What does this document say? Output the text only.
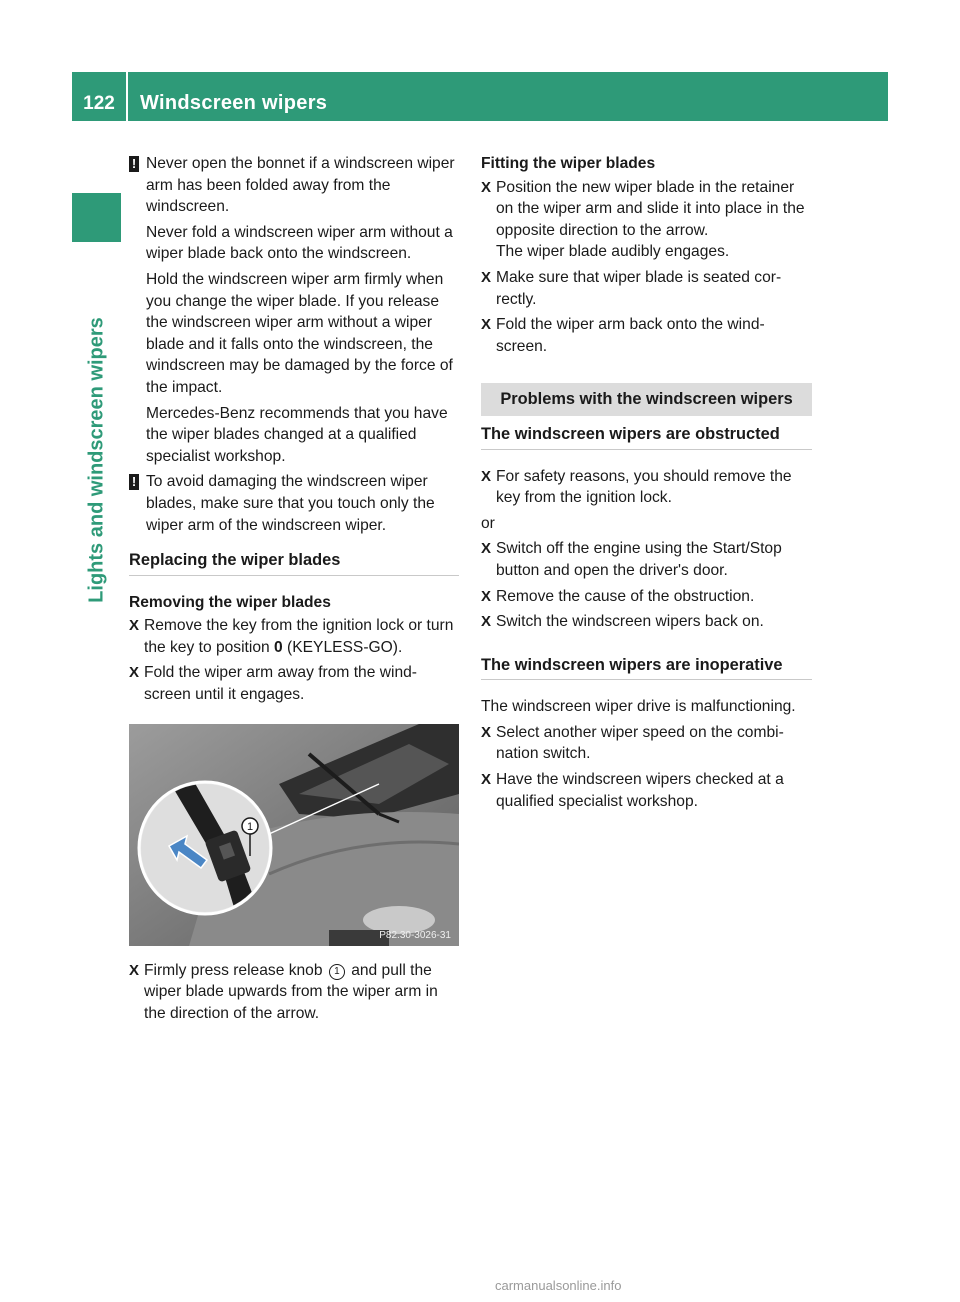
122	Windscreen wipers
Lights and windscreen wipers
! Never open the bonnet if a windscreen wiper arm has been folded away from the windscreen.

Never fold a windscreen wiper arm without a wiper blade back onto the windscreen.

Hold the windscreen wiper arm firmly when you change the wiper blade. If you release the windscreen wiper arm without a wiper blade and it falls onto the windscreen, the windscreen may be damaged by the force of the impact.

Mercedes-Benz recommends that you have the wiper blades changed at a qualified specialist workshop.

! To avoid damaging the windscreen wiper blades, make sure that you touch only the wiper arm of the windscreen wiper.

Replacing the wiper blades
Removing the wiper blades
X Remove the key from the ignition lock or turn the key to position 0 (KEYLESS-GO).
X Fold the wiper arm away from the wind-screen until it engages.
1
P82.30-3026-31
X Firmly press release knob 1 and pull the wiper blade upwards from the wiper arm in the direction of the arrow.
Fitting the wiper blades
X Position the new wiper blade in the retainer on the wiper arm and slide it into place in the opposite direction to the arrow.
The wiper blade audibly engages.
X Make sure that wiper blade is seated cor-rectly.
X Fold the wiper arm back onto the wind-screen.
Problems with the windscreen wipers
The windscreen wipers are obstructed
X For safety reasons, you should remove the key from the ignition lock.

or

X Switch off the engine using the Start/Stop button and open the driver's door.
X Remove the cause of the obstruction.
X Switch the windscreen wipers back on.
The windscreen wipers are inoperative

The windscreen wiper drive is malfunctioning.

X Select another wiper speed on the combi-nation switch.
X Have the windscreen wipers checked at a qualified specialist workshop.
carmanualsonline.info
